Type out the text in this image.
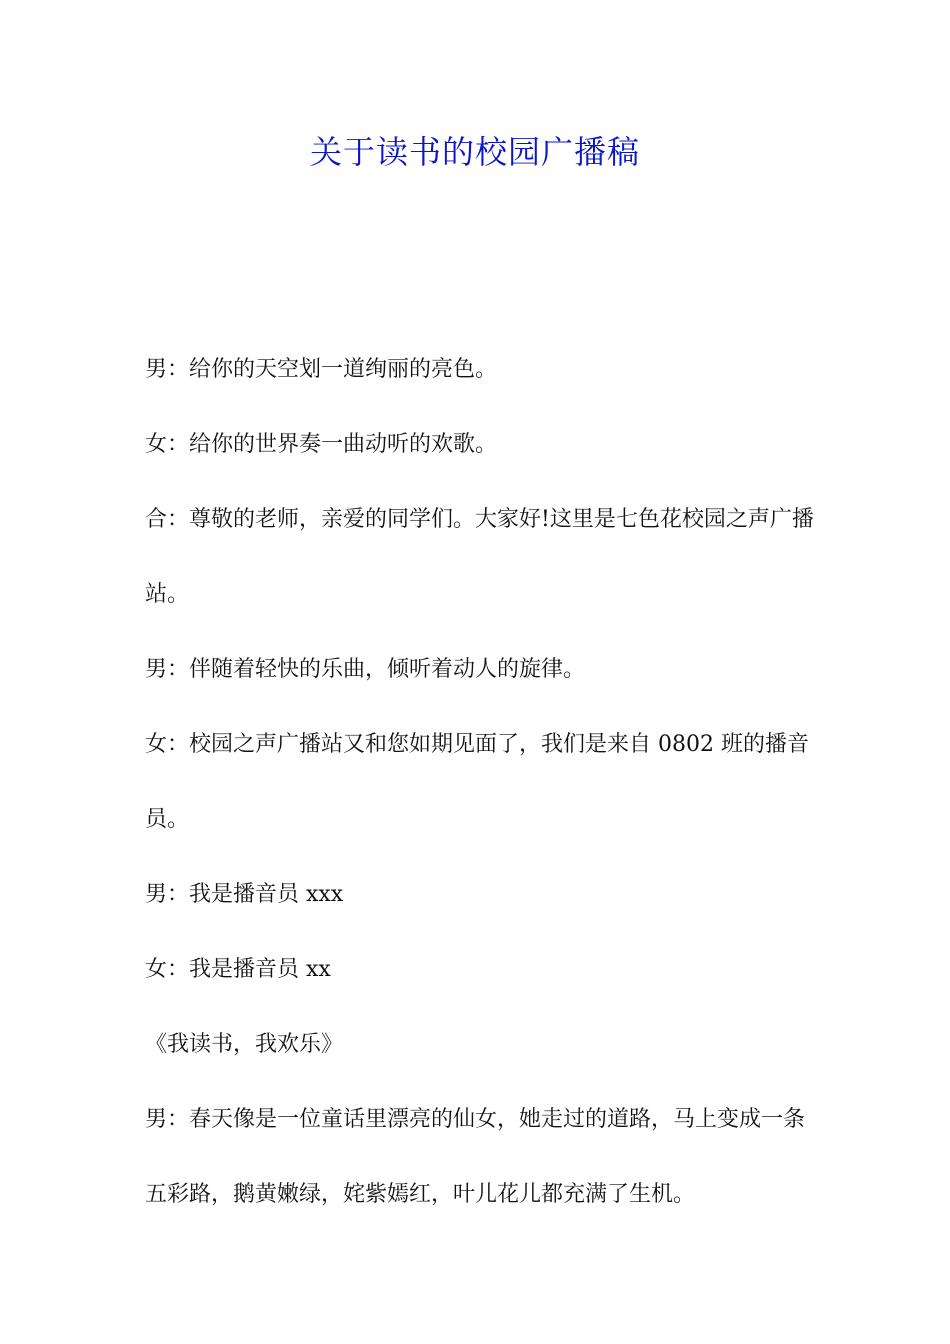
关于读书的校园广播稿

男：给你的天空划一道绚丽的亮色。

女：给你的世界奏一曲动听的欢歌。

合：尊敬的老师，亲爱的同学们。大家好!这里是七色花校园之声广播站。

男：伴随着轻快的乐曲，倾听着动人的旋律。

女：校园之声广播站又和您如期见面了，我们是来自 0802 班的播音员。

男：我是播音员 xxx

女：我是播音员 xx

《我读书，我欢乐》

男：春天像是一位童话里漂亮的仙女，她走过的道路，马上变成一条五彩路，鹅黄嫩绿，姹紫嫣红，叶儿花儿都充满了生机。
